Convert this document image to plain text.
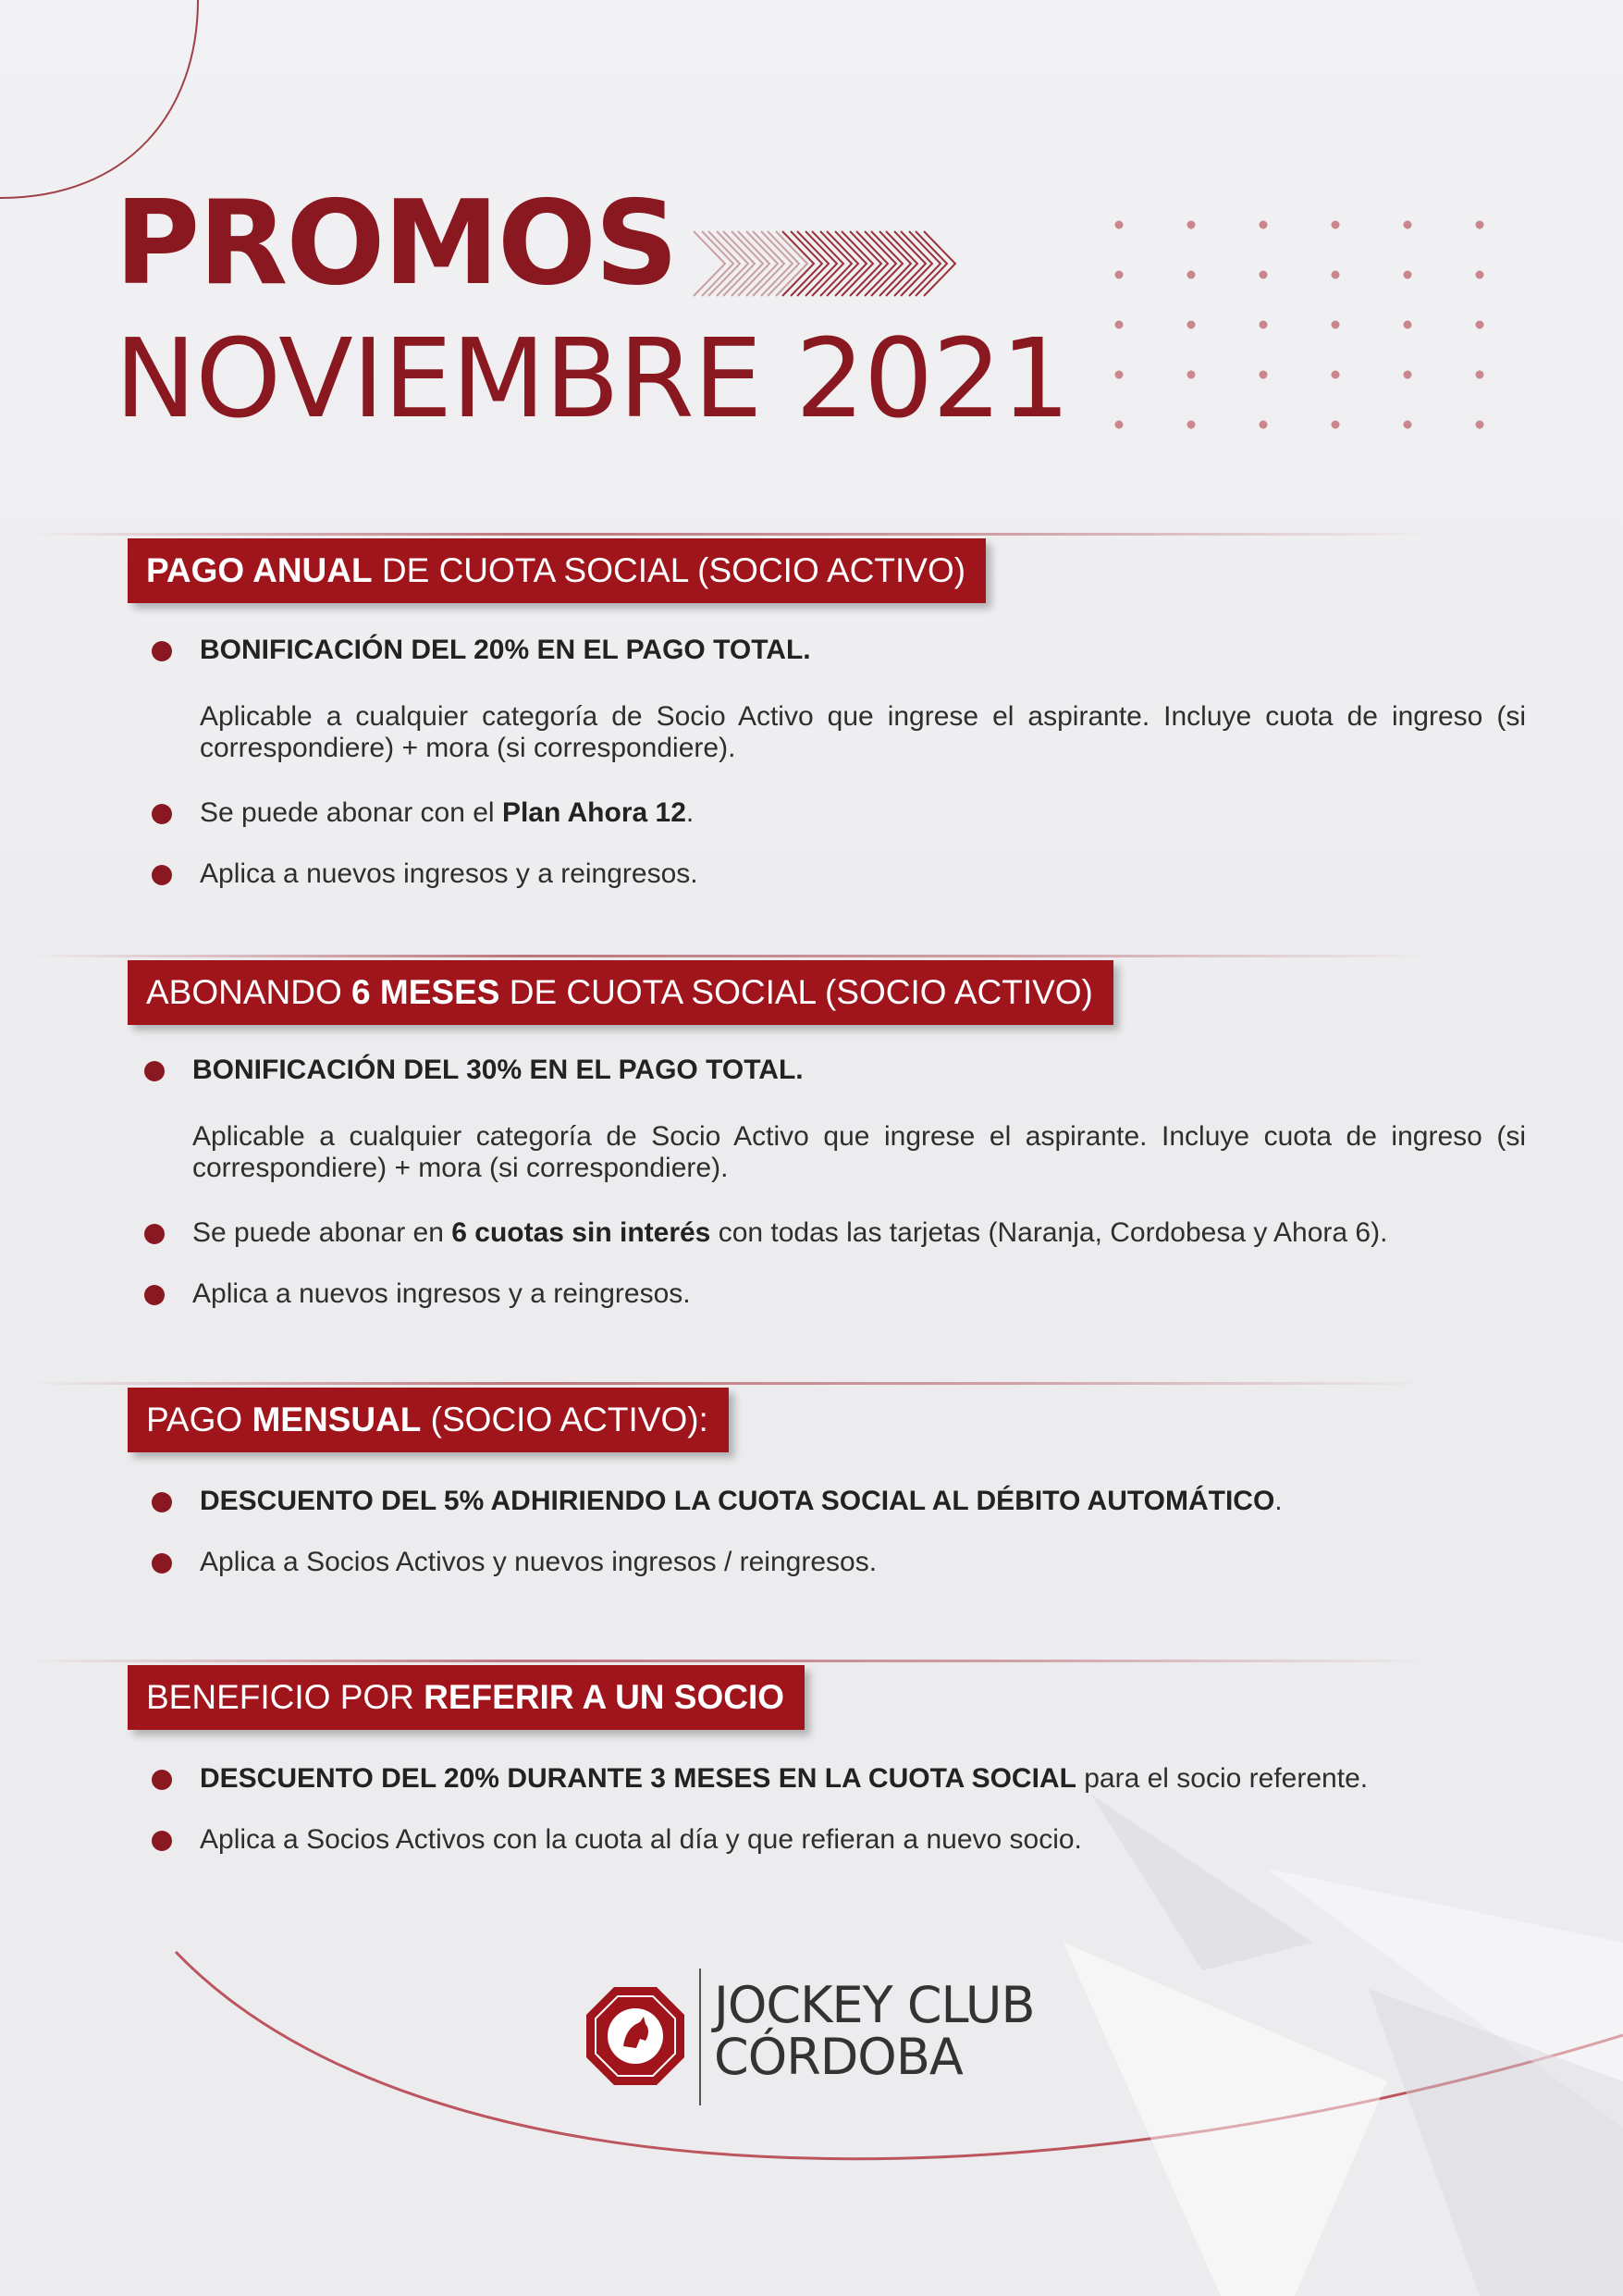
PROMOS
NOVIEMBRE 2021
PAGO ANUAL DE CUOTA SOCIAL (SOCIO ACTIVO)
BONIFICACIÓN DEL 20% EN EL PAGO TOTAL.
Aplicable a cualquier categoría de Socio Activo que ingrese el aspirante. Incluye cuota de ingreso (si correspondiere) + mora (si correspondiere).
Se puede abonar con el Plan Ahora 12.
Aplica a nuevos ingresos y a reingresos.
ABONANDO 6 MESES DE CUOTA SOCIAL (SOCIO ACTIVO)
BONIFICACIÓN DEL 30% EN EL PAGO TOTAL.
Aplicable a cualquier categoría de Socio Activo que ingrese el aspirante. Incluye cuota de ingreso (si correspondiere) + mora (si correspondiere).
Se puede abonar en 6 cuotas sin interés con todas las tarjetas (Naranja, Cordobesa y Ahora 6).
Aplica a nuevos ingresos y a reingresos.
PAGO MENSUAL (SOCIO ACTIVO):
DESCUENTO DEL 5% ADHIRIENDO LA CUOTA SOCIAL AL DÉBITO AUTOMÁTICO.
Aplica a Socios Activos y nuevos ingresos / reingresos.
BENEFICIO POR REFERIR A UN SOCIO
DESCUENTO DEL 20% DURANTE 3 MESES EN LA CUOTA SOCIAL para el socio referente.
Aplica a Socios Activos con la cuota al día y que refieran a nuevo socio.
JOCKEY CLUB
CÓRDOBA
